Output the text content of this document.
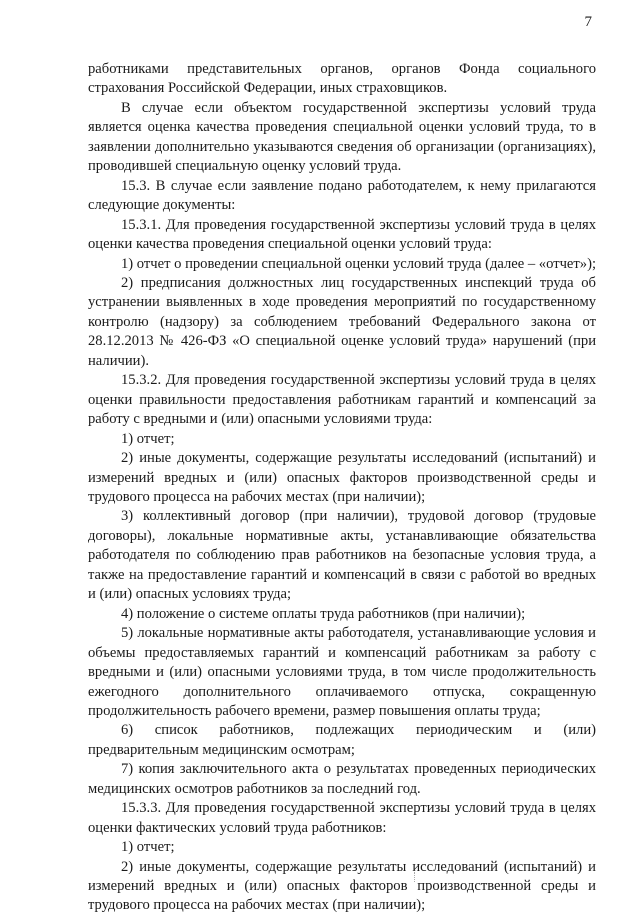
7

работниками представительных органов, органов Фонда социального страхования Российской Федерации, иных страховщиков.

В случае если объектом государственной экспертизы условий труда является оценка качества проведения специальной оценки условий труда, то в заявлении дополнительно указываются сведения об организации (организациях), проводившей специальную оценку условий труда.

15.3. В случае если заявление подано работодателем, к нему прилагаются следующие документы:

15.3.1. Для проведения государственной экспертизы условий труда в целях оценки качества проведения специальной оценки условий труда:

1) отчет о проведении специальной оценки условий труда (далее – «отчет»);

2) предписания должностных лиц государственных инспекций труда об устранении выявленных в ходе проведения мероприятий по государственному контролю (надзору) за соблюдением требований Федерального закона от 28.12.2013 № 426-ФЗ «О специальной оценке условий труда» нарушений (при наличии).

15.3.2. Для проведения государственной экспертизы условий труда в целях оценки правильности предоставления работникам гарантий и компенсаций за работу с вредными и (или) опасными условиями труда:

1) отчет;

2) иные документы, содержащие результаты исследований (испытаний) и измерений вредных и (или) опасных факторов производственной среды и трудового процесса на рабочих местах (при наличии);

3) коллективный договор (при наличии), трудовой договор (трудовые договоры), локальные нормативные акты, устанавливающие обязательства работодателя по соблюдению прав работников на безопасные условия труда, а также на предоставление гарантий и компенсаций в связи с работой во вредных и (или) опасных условиях труда;

4) положение о системе оплаты труда работников (при наличии);

5) локальные нормативные акты работодателя, устанавливающие условия и объемы предоставляемых гарантий и компенсаций работникам за работу с вредными и (или) опасными условиями труда, в том числе продолжительность ежегодного дополнительного оплачиваемого отпуска, сокращенную продолжительность рабочего времени, размер повышения оплаты труда;

6) список работников, подлежащих периодическим и (или) предварительным медицинским осмотрам;

7) копия заключительного акта о результатах проведенных периодических медицинских осмотров работников за последний год.

15.3.3. Для проведения государственной экспертизы условий труда в целях оценки фактических условий труда работников:

1) отчет;

2) иные документы, содержащие результаты исследований (испытаний) и измерений вредных и (или) опасных факторов производственной среды и трудового процесса на рабочих местах (при наличии);
